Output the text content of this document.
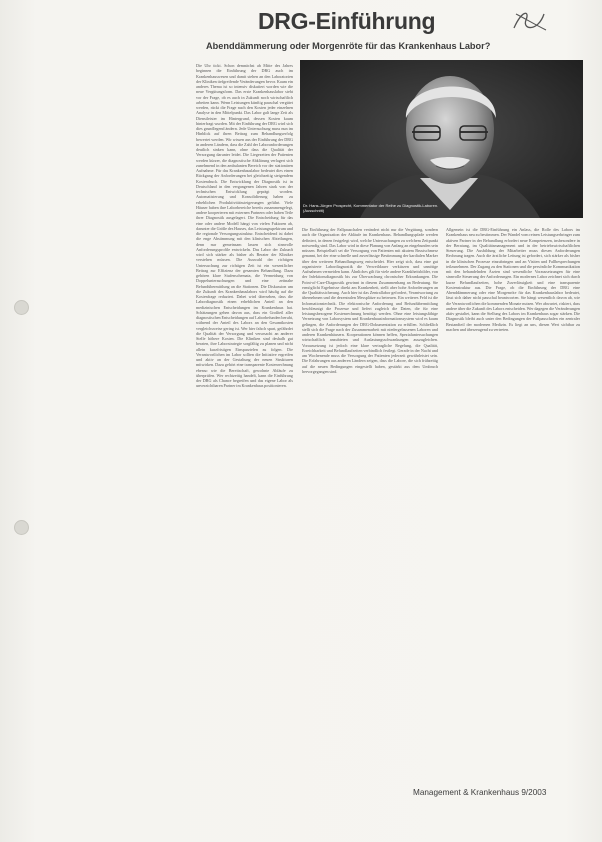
DRG-Einführung
Abenddämmerung oder Morgenröte für das Krankenhaus Labor?
Die Uhr tickt. Schon demnächst ab Mitte des Jahres beginnen die Einführung der DRG auch im Krankenhauswesen und damit stehen an den Laboratorien der Kliniken tiefgreifende Veränderungen bevor. Kaum ein anderes Thema ist so intensiv diskutiert worden wie die neue Vergütungsform. Das erste Krankenhauslabor steht vor der Frage, ob es auch in Zukunft noch wirtschaftlich arbeiten kann. Wenn Leistungen künftig pauschal vergütet werden, rückt die Frage nach den Kosten jeder einzelnen Analyse in den Mittelpunkt. Das Labor galt lange Zeit als Dienstleister im Hintergrund, dessen Kosten kaum hinterfragt wurden. Mit der Einführung der DRG wird sich dies grundlegend ändern. Jede Untersuchung muss nun im Hinblick auf ihren Beitrag zum Behandlungserfolg bewertet werden. Wir wissen aus der Einführung der DRG in anderen Ländern, dass die Zahl der Laboranforderungen deutlich sinken kann, ohne dass die Qualität der Versorgung darunter leidet. Die Liegezeiten der Patienten werden kürzer, die diagnostische Abklärung verlagert sich zunehmend in den ambulanten Bereich vor der stationären Aufnahme. Für das Krankenhauslabor bedeutet dies einen Rückgang der Anforderungen bei gleichzeitig steigendem Kostendruck. Die Entwicklung der Diagnostik ist in Deutschland in den vergangenen Jahren stark von der technischen Entwicklung geprägt worden. Automatisierung und Konsolidierung haben zu erheblichen Produktivitätssteigerungen geführt. Viele Häuser haben ihre Laborbereiche bereits zusammengelegt, andere kooperieren mit externen Partnern oder haben Teile ihrer Diagnostik ausgelagert. Die Entscheidung für das eine oder andere Modell hängt von vielen Faktoren ab, darunter die Größe des Hauses, das Leistungsspektrum und die regionale Versorgungsstruktur. Entscheidend ist dabei die enge Abstimmung mit den klinischen Abteilungen, denn nur gemeinsam lassen sich sinnvolle Anforderungsprofile entwickeln. Das Labor der Zukunft wird sich stärker als bisher als Berater der Kliniker verstehen müssen. Die Auswahl der richtigen Untersuchung zur richtigen Zeit ist ein wesentlicher Beitrag zur Effizienz der gesamten Behandlung. Dazu gehören klare Stufenschemata, die Vermeidung von Doppeluntersuchungen und eine zeitnahe Befundübermittlung an die Stationen. Die Diskussion um die Zukunft des Krankenhauslabors wird häufig auf die Kostenfrage reduziert. Dabei wird übersehen, dass die Labordiagnostik einen erheblichen Anteil an den medizinischen Entscheidungen im Krankenhaus hat. Schätzungen gehen davon aus, dass ein Großteil aller diagnostischen Entscheidungen auf Laborbefunden beruht, während der Anteil des Labors an den Gesamtkosten vergleichsweise gering ist. Wer hier falsch spart, gefährdet die Qualität der Versorgung und verursacht an anderer Stelle höhere Kosten. Die Kliniken sind deshalb gut beraten, ihre Laborstrategie sorgfältig zu planen und nicht allein kurzfristigen Einsparzielen zu folgen. Die Verantwortlichen im Labor sollten die Initiative ergreifen und aktiv an der Gestaltung der neuen Strukturen mitwirken. Dazu gehört eine transparente Kostenrechnung ebenso wie die Bereitschaft, gewohnte Abläufe zu überprüfen. Wer rechtzeitig handelt, kann die Einführung der DRG als Chance begreifen und das eigene Labor als unverzichtbaren Partner im Krankenhaus positionieren.
Dr. Hans-Jürgen Prospecht, Kommentator der Reihe zu Diagnostik-Laboren. (Ausschnitt)
Die Einführung der Fallpauschalen verändert nicht nur die Vergütung, sondern auch die Organisation der Abläufe im Krankenhaus. Behandlungspfade werden definiert, in denen festgelegt wird, welche Untersuchungen zu welchem Zeitpunkt notwendig sind. Das Labor wird in diese Planung von Anfang an eingebunden sein müssen. Beispielhaft sei die Versorgung von Patienten mit akutem Brustschmerz genannt, bei der eine schnelle und zuverlässige Bestimmung der kardialen Marker über den weiteren Behandlungsweg entscheidet. Hier zeigt sich, dass eine gut organisierte Labordiagnostik die Verweildauer verkürzen und unnötige Aufnahmen vermeiden kann. Ähnliches gilt für viele andere Krankheitsbilder, von der Infektionsdiagnostik bis zur Überwachung chronischer Erkrankungen. Die Point-of-Care-Diagnostik gewinnt in diesem Zusammenhang an Bedeutung. Sie ermöglicht Ergebnisse direkt am Krankenbett, stellt aber hohe Anforderungen an die Qualitätssicherung. Auch hier ist das Zentrallabor gefordert, Verantwortung zu übernehmen und die dezentralen Messplätze zu betreuen. Ein weiteres Feld ist die Informationstechnik. Die elektronische Anforderung und Befundübermittlung beschleunigt die Prozesse und liefert zugleich die Daten, die für eine leistungsbezogene Kostenrechnung benötigt werden. Ohne eine leistungsfähige Vernetzung von Laborsystem und Krankenhausinformationssystem wird es kaum gelingen, die Anforderungen der DRG-Dokumentation zu erfüllen. Schließlich stellt sich die Frage nach der Zusammenarbeit mit niedergelassenen Laboren und anderen Krankenhäusern. Kooperationen können helfen, Spezialuntersuchungen wirtschaftlich anzubieten und Auslastungsschwankungen auszugleichen. Voraussetzung ist jedoch eine klare vertragliche Regelung, die Qualität, Erreichbarkeit und Befundlaufzeiten verbindlich festlegt. Gerade in der Nacht und am Wochenende muss die Versorgung der Patienten jederzeit gewährleistet sein. Die Erfahrungen aus anderen Ländern zeigen, dass die Labore, die sich frühzeitig auf die neuen Bedingungen eingestellt haben, gestärkt aus dem Umbruch hervorgegangen sind.
Allgemein ist die DRG-Einführung ein Anlass, die Rolle des Labors im Krankenhaus neu zu bestimmen. Der Wandel vom reinen Leistungserbringer zum aktiven Partner in der Behandlung erfordert neue Kompetenzen, insbesondere in der Beratung, im Qualitätsmanagement und in der betriebswirtschaftlichen Steuerung. Die Ausbildung der Mitarbeiter muss diesen Anforderungen Rechnung tragen. Auch die ärztliche Leitung ist gefordert, sich stärker als bisher in die klinischen Prozesse einzubringen und an Visiten und Fallbesprechungen teilzunehmen. Der Zugang zu den Stationen und die persönliche Kommunikation mit den behandelnden Ärzten sind wesentliche Voraussetzungen für eine sinnvolle Steuerung der Anforderungen. Ein modernes Labor zeichnet sich durch kurze Befundlaufzeiten, hohe Zuverlässigkeit und eine transparente Kostenstruktur aus. Die Frage, ob die Einführung der DRG eine Abenddämmerung oder eine Morgenröte für das Krankenhauslabor bedeutet, lässt sich daher nicht pauschal beantworten. Sie hängt wesentlich davon ab, wie die Verantwortlichen die kommenden Monate nutzen. Wer abwartet, riskiert, dass andere über die Zukunft des Labors entscheiden. Wer dagegen die Veränderungen aktiv gestaltet, kann die Stellung des Labors im Krankenhaus sogar stärken. Die Diagnostik bleibt auch unter den Bedingungen der Fallpauschalen ein zentraler Bestandteil der modernen Medizin. Es liegt an uns, diesen Wert sichtbar zu machen und überzeugend zu vertreten.
Management & Krankenhaus 9/2003
